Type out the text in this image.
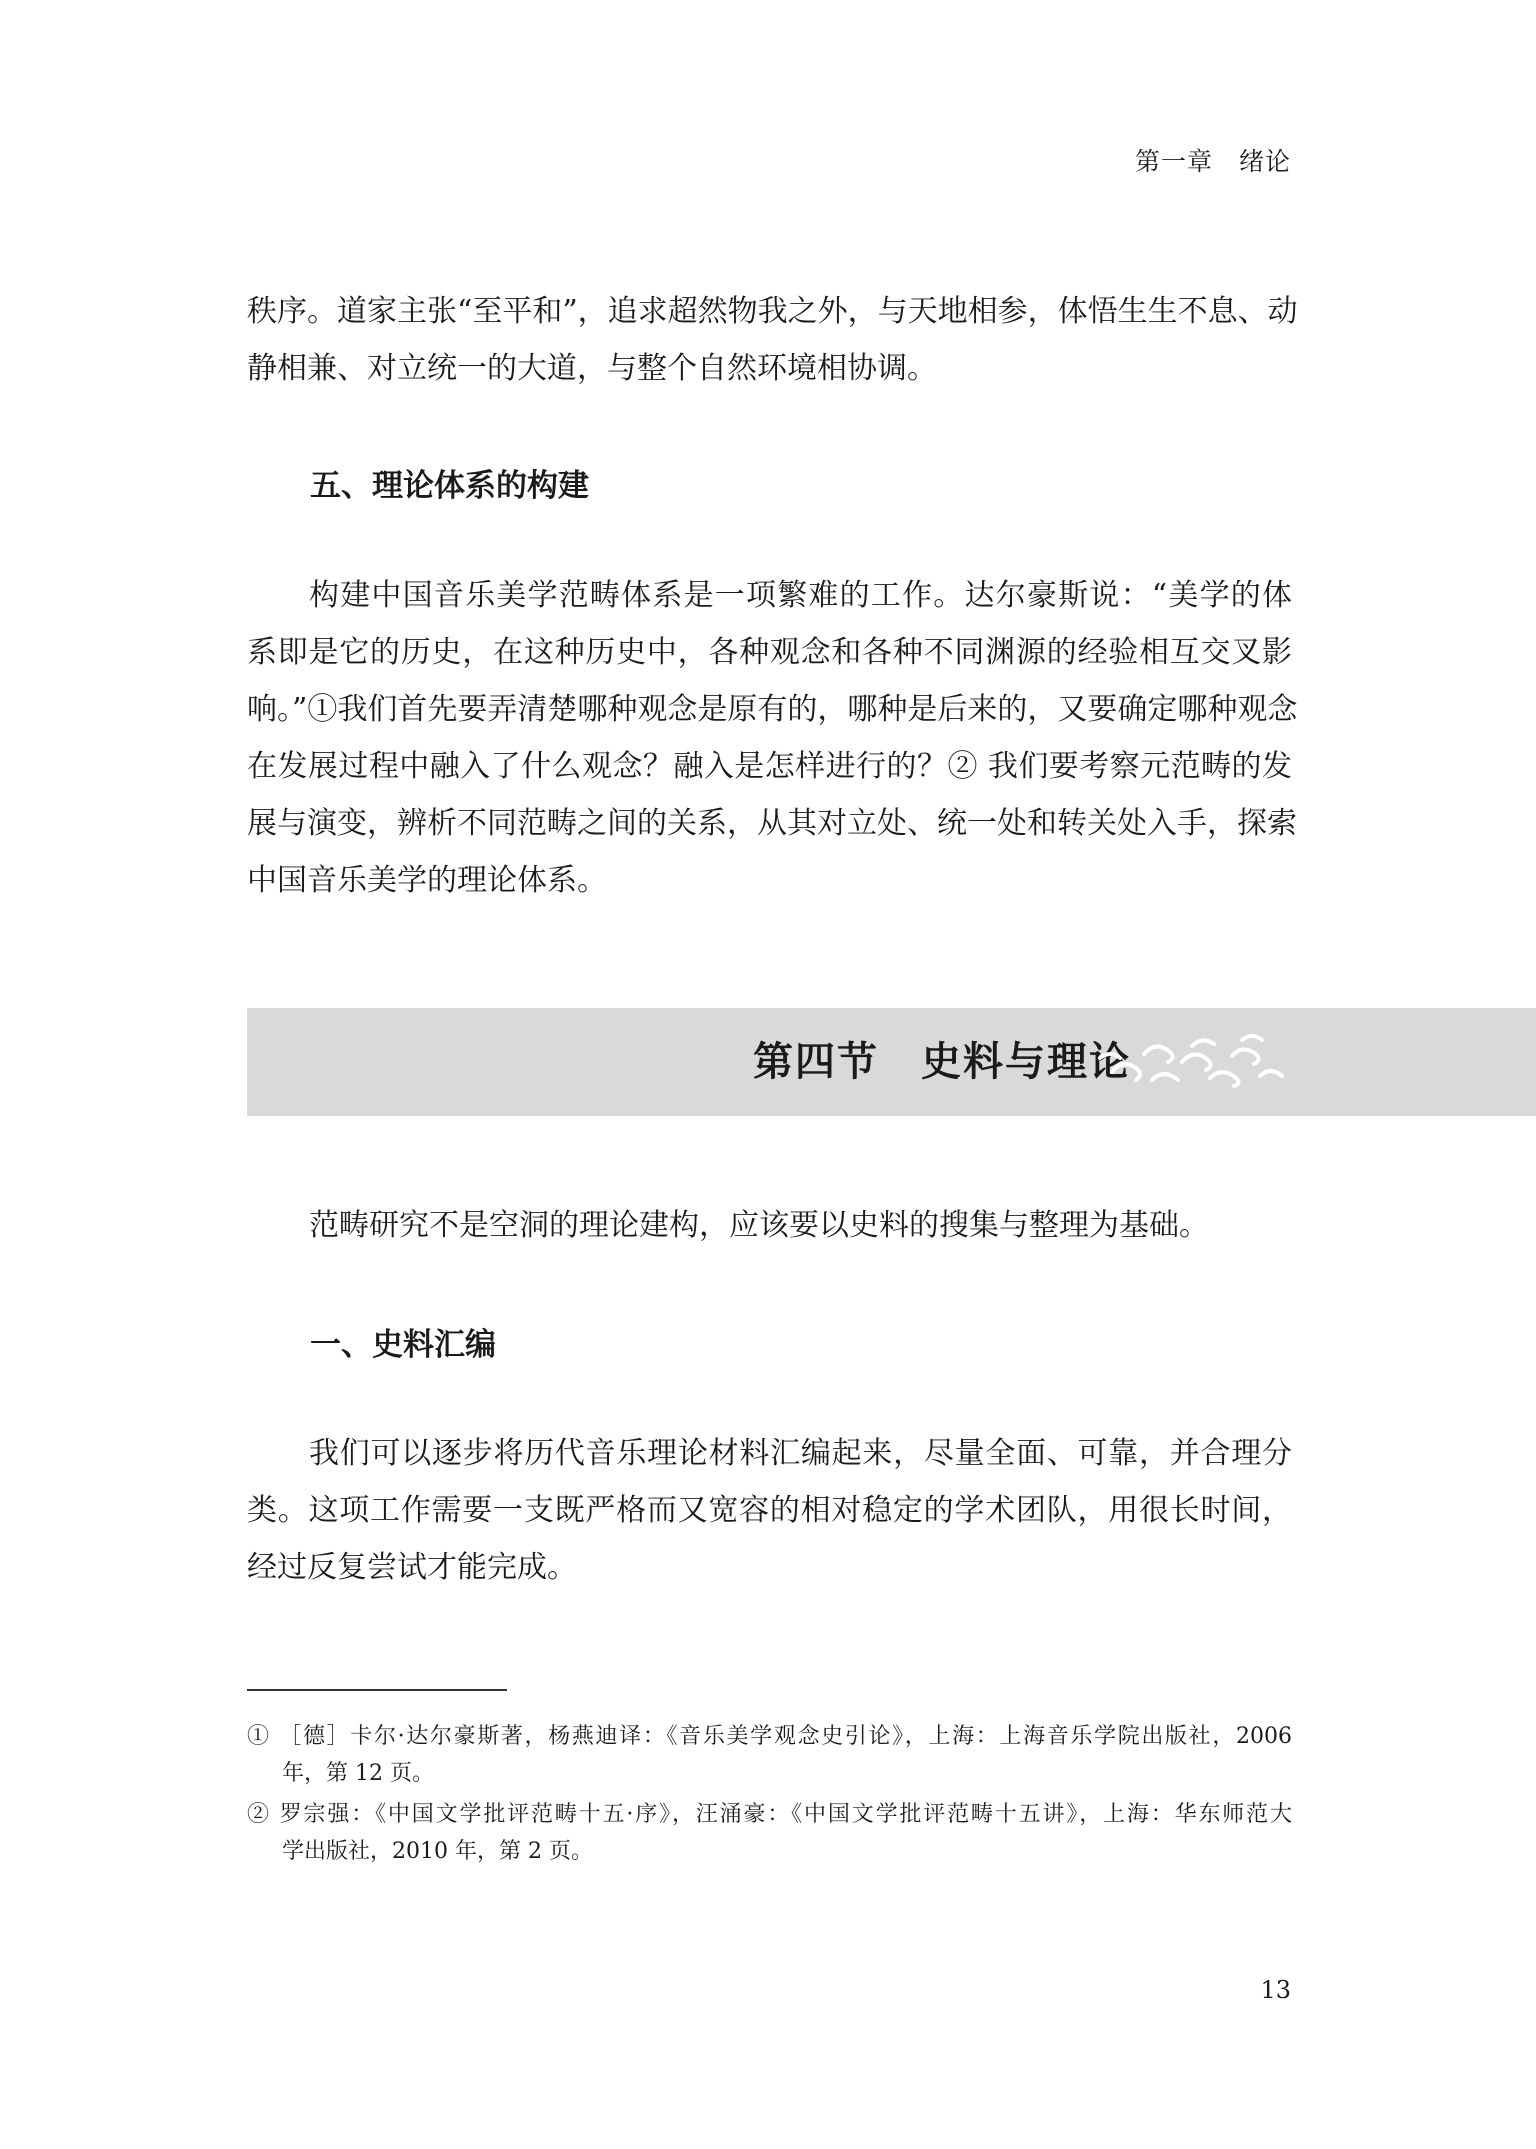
第一章　绪论

秩序。道家主张“至平和”，追求超然物我之外，与天地相参，体悟生生不息、动
静相兼、对立统一的大道，与整个自然环境相协调。

五、理论体系的构建

构建中国音乐美学范畴体系是一项繁难的工作。达尔豪斯说：“美学的体
系即是它的历史，在这种历史中，各种观念和各种不同渊源的经验相互交叉影
响。”①我们首先要弄清楚哪种观念是原有的，哪种是后来的，又要确定哪种观念
在发展过程中融入了什么观念？融入是怎样进行的？② 我们要考察元范畴的发
展与演变，辨析不同范畴之间的关系，从其对立处、统一处和转关处入手，探索
中国音乐美学的理论体系。

第四节　史料与理论

范畴研究不是空洞的理论建构，应该要以史料的搜集与整理为基础。

一、史料汇编

我们可以逐步将历代音乐理论材料汇编起来，尽量全面、可靠，并合理分
类。这项工作需要一支既严格而又宽容的相对稳定的学术团队，用很长时间，
经过反复尝试才能完成。

① ［德］卡尔·达尔豪斯著，杨燕迪译：《音乐美学观念史引论》，上海：上海音乐学院出版社，2006
年，第 12 页。

② 罗宗强：《中国文学批评范畴十五·序》，汪涌豪：《中国文学批评范畴十五讲》，上海：华东师范大
学出版社，2010 年，第 2 页。

13
